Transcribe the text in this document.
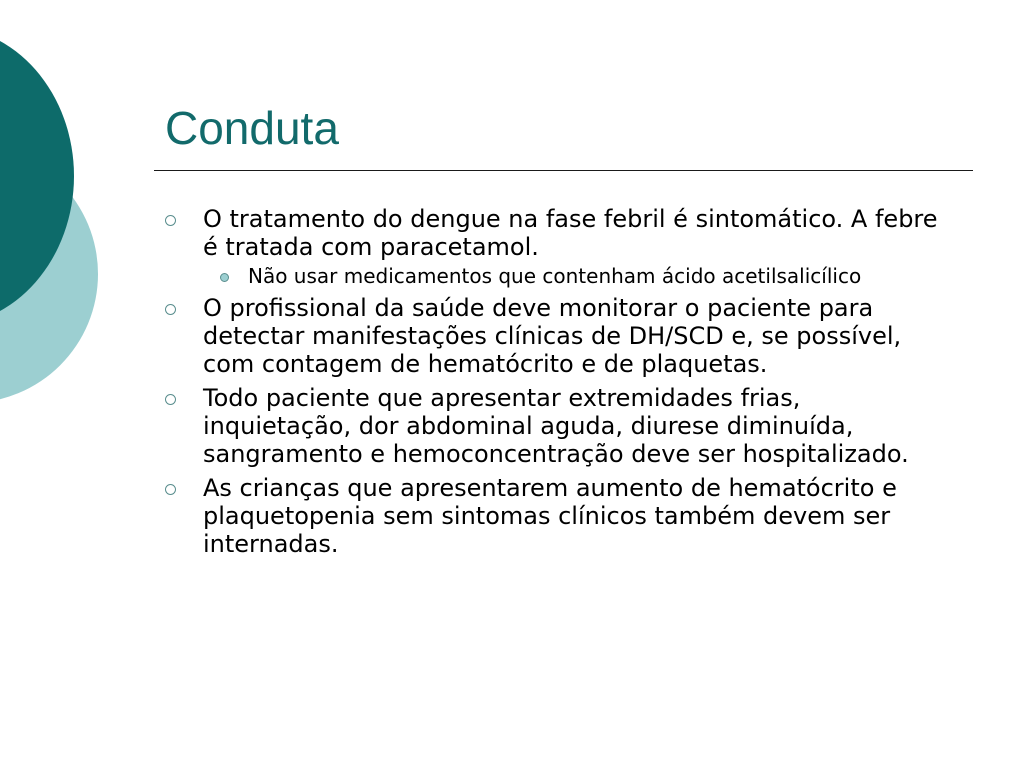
Conduta
O tratamento do dengue na fase febril é sintomático. A febre é tratada com paracetamol.
Não usar medicamentos que contenham ácido acetilsalicílico
O profissional da saúde deve monitorar o paciente para detectar manifestações clínicas de DH/SCD e, se possível, com contagem de hematócrito e de plaquetas.
Todo paciente que apresentar extremidades frias, inquietação, dor abdominal aguda, diurese diminuída, sangramento e hemoconcentração deve ser hospitalizado.
As crianças que apresentarem aumento de hematócrito e plaquetopenia sem sintomas clínicos também devem ser internadas.
